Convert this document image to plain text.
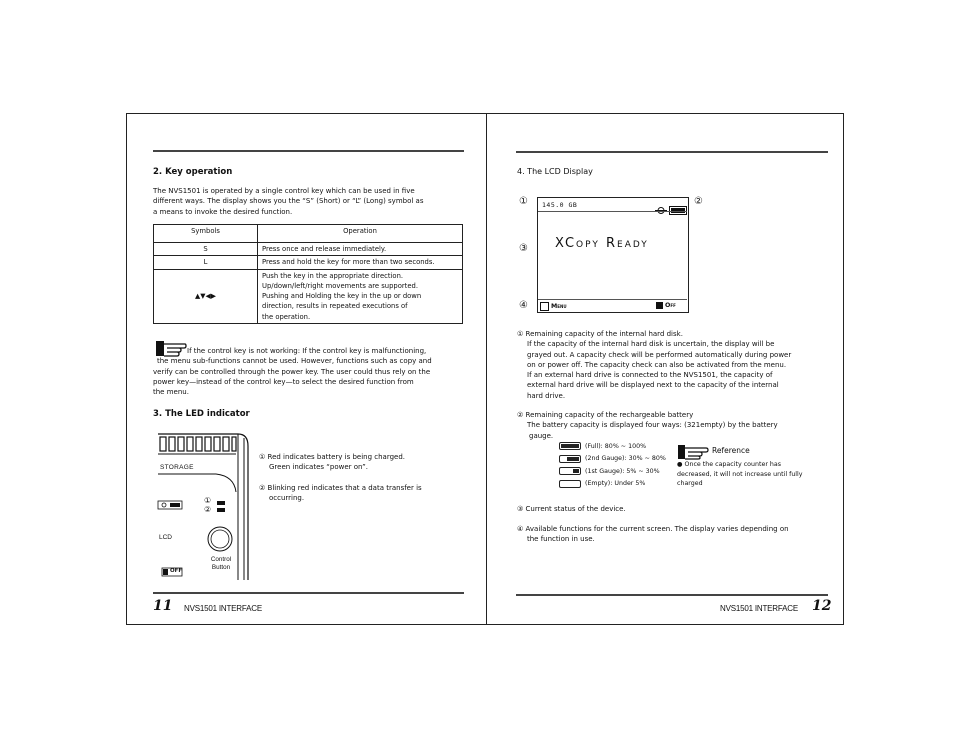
2. Key operation
The NVS1501 is operated by a single control key which can be used in five
different ways. The display shows you the “S” (Short) or “L” (Long) symbol as
a means to invoke the desired function.
Symbols	Operation
S	Press once and release immediately.

L	Press and hold the key for more than two seconds.

▲▼◀▶	Push the key in the appropriate direction.
Up/down/left/right movements are supported.
Pushing and Holding the key in the up or down
direction, results in repeated executions of
the operation.
If the control key is not working: If the control key is malfunctioning,
the menu sub-functions cannot be used. However, functions such as copy and
verify can be controlled through the power key. The user could thus rely on the
power key—instead of the control key—to select the desired function from
the menu.
3. The LED indicator
STORAGE
①
②
LCD
Control
Button
OFF
① Red indicates battery is being charged.
Green indicates “power on”.
② Blinking red indicates that a data transfer is
occurring.
11 NVS1501 INTERFACE
4. The LCD Display
①	②
③
④
145.0 GB
XCopy Ready
Menu	Off
① Remaining capacity of the internal hard disk.
If the capacity of the internal hard disk is uncertain, the display will be
grayed out. A capacity check will be performed automatically during power
on or power off. The capacity check can also be activated from the menu.
If an external hard drive is connected to the NVS1501, the capacity of
external hard drive will be displayed next to the capacity of the internal
hard drive.
② Remaining capacity of the rechargeable battery
The battery capacity is displayed four ways: (321empty) by the battery
gauge.
(Full): 80% ~ 100%
(2nd Gauge): 30% ~ 80%
(1st Gauge): 5% ~ 30%
(Empty): Under 5%
Reference
● Once the capacity counter has
decreased, it will not increase until fully
charged
③ Current status of the device.
④ Available functions for the current screen. The display varies depending on
the function in use.
NVS1501 INTERFACE 12
